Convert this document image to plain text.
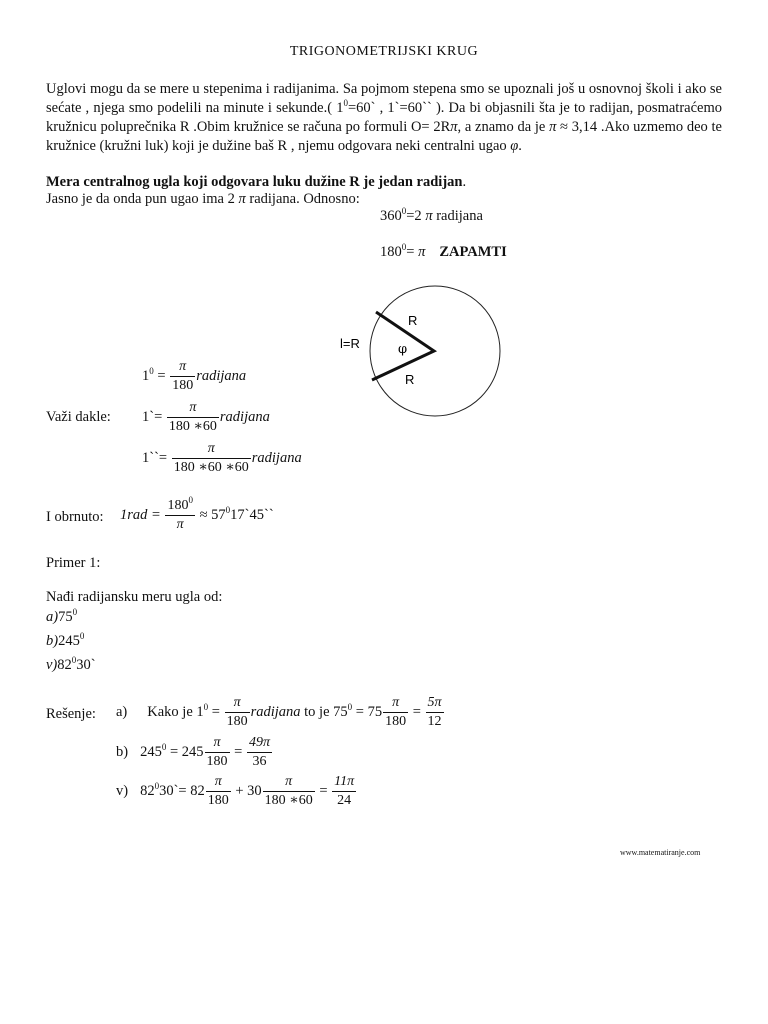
TRIGONOMETRIJSKI KRUG
Uglovi mogu da se mere u stepenima i radijanima. Sa pojmom stepena smo se upoznali još u osnovnoj školi i ako se sećate , njega smo podelili na minute i sekunde.( $1^0=60`$ , 1`=60`` ). Da bi objasnili šta je to radijan, posmatraćemo kružnicu poluprečnika R .Obim kružnice se računa po formuli O= 2Rπ, a znamo da je π ≈ 3,14 .Ako uzmemo deo te kružnice (kružni luk) koji je dužine baš R , njemu odgovara neki centralni ugao φ.
Mera centralnog ugla koji odgovara luku dužine R je jedan radijan.
Jasno je da onda pun ugao ima 2 π radijana. Odnosno:
$360^0=2$ π radijana
$180^0= \pi$ ZAPAMTI
R
R
φ
l=R
$1^0 = \frac{\pi}{180}$ radijana
Važi dakle: 1`= $\frac{\pi}{180 ∗60}$ radijana
1``= $\frac{\pi}{180 ∗60 ∗60}$ radijana
I obrnuto: $1rad = \frac{180^0}{\pi}$ ≈ $57^017`45``$
Primer 1:
Nađi radijansku meru ugla od:
$a)75^0$
$b)245^0$
$v)82^030`$
Rešenje: a) Kako je $1^0 = \frac{\pi}{180}$ radijana to je $75^0 = 75 \frac{\pi}{180} = \frac{5\pi}{12}$
b) $245^0 = 245 \frac{\pi}{180} = \frac{49\pi}{36}$
v) $82^030`= 82 \frac{\pi}{180} + 30 \frac{\pi}{180 ∗60} = \frac{11\pi}{24}$
www.matematiranje.com
